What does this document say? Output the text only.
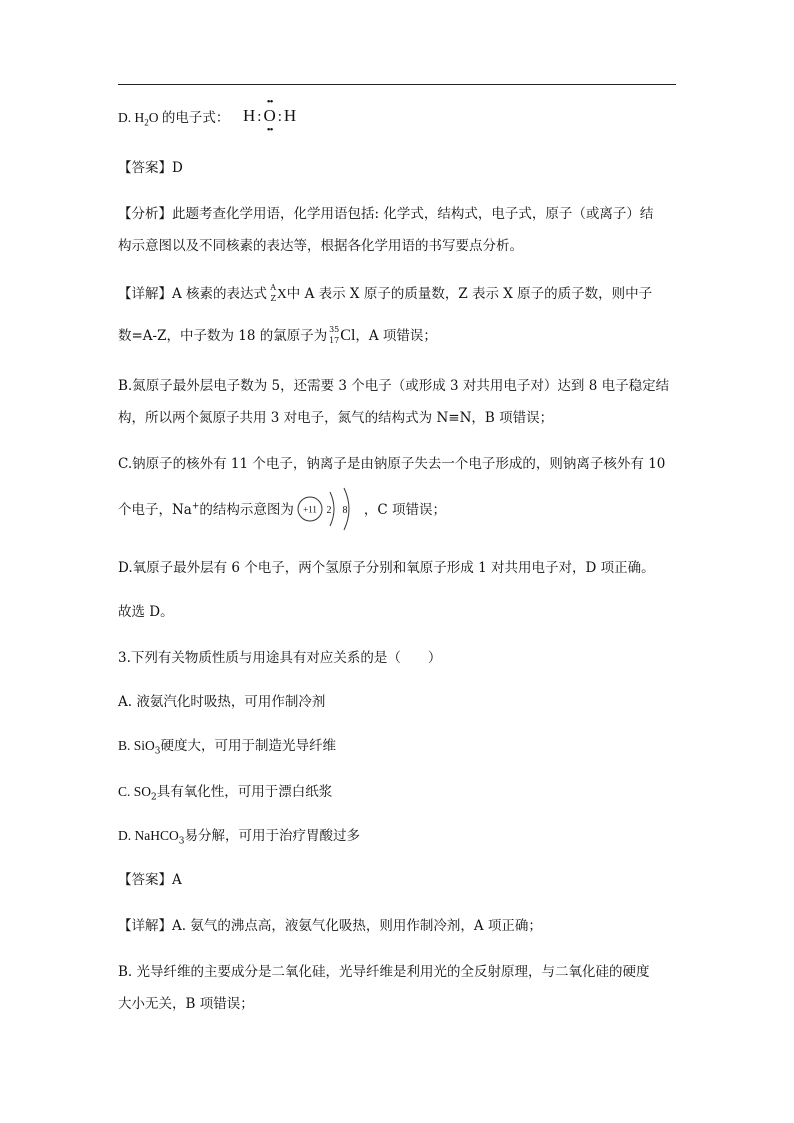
D. $H_2O$ 的电子式： H :
••
O
••
: H
【答案】D
【分析】此题考查化学用语，化学用语包括: 化学式，结构式，电子式，原子（或离子）结
构示意图以及不同核素的表达等，根据各化学用语的书写要点分析。
【详解】A 核素的表达式 A
Z X中 A 表示 X 原子的质量数，Z 表示 X 原子的质子数，则中子
数=A-Z，中子数为 18 的氯原子为 35
17 Cl，A 项错误；
B.氮原子最外层电子数为 5，还需要 3 个电子（或形成 3 对共用电子对）达到 8 电子稳定结
构，所以两个氮原子共用 3 对电子，氮气的结构式为 N≡N，B 项错误；
C.钠原子的核外有 11 个电子，钠离子是由钠原子失去一个电子形成的，则钠离子核外有 10
个电子，Na+的结构示意图为	，C 项错误；
+11 2 8
D.氧原子最外层有 6 个电子，两个氢原子分别和氧原子形成 1 对共用电子对，D 项正确。
故选 D。
3.下列有关物质性质与用途具有对应关系的是（　　）
A. 液氨汽化时吸热，可用作制冷剂
B. SiO$_3$硬度大，可用于制造光导纤维
C. $SO_2$具有氧化性，可用于漂白纸浆
D. NaHCO$_3$易分解，可用于治疗胃酸过多
【答案】A
【详解】A. 氨气的沸点高，液氨气化吸热，则用作制冷剂，A 项正确；
B. 光导纤维的主要成分是二氧化硅，光导纤维是利用光的全反射原理，与二氧化硅的硬度
大小无关，B 项错误；
